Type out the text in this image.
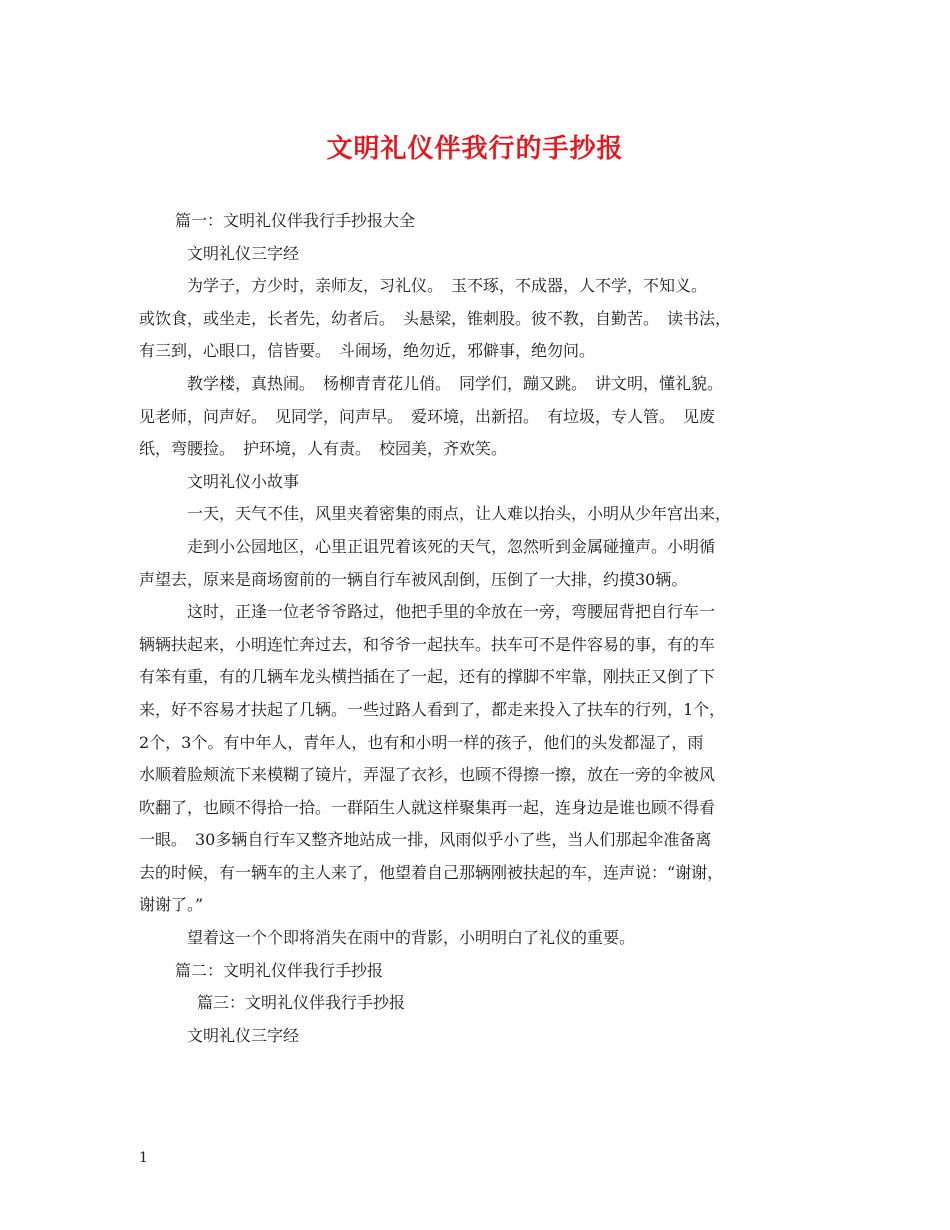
文明礼仪伴我行的手抄报
篇一：文明礼仪伴我行手抄报大全
文明礼仪三字经
为学子，方少时，亲师友，习礼仪。　玉不琢，不成器，人不学，不知义。
或饮食，或坐走，长者先，幼者后。　头悬梁，锥刺股。彼不教，自勤苦。　读书法，
有三到，心眼口，信皆要。　斗闹场，绝勿近，邪僻事，绝勿问。
教学楼，真热闹。　杨柳青青花儿俏。　同学们，蹦又跳。　讲文明，懂礼貌。
见老师，问声好。　见同学，问声早。　爱环境，出新招。　有垃圾，专人管。　见废
纸，弯腰捡。　护环境，人有责。　校园美，齐欢笑。
文明礼仪小故事
一天，天气不佳，风里夹着密集的雨点，让人难以抬头，小明从少年宫出来，
走到小公园地区，心里正诅咒着该死的天气，忽然听到金属碰撞声。小明循
声望去，原来是商场窗前的一辆自行车被风刮倒，压倒了一大排，约摸30辆。
这时，正逢一位老爷爷路过，他把手里的伞放在一旁，弯腰屈背把自行车一
辆辆扶起来，小明连忙奔过去，和爷爷一起扶车。扶车可不是件容易的事，有的车
有笨有重，有的几辆车龙头横挡插在了一起，还有的撑脚不牢靠，刚扶正又倒了下
来，好不容易才扶起了几辆。一些过路人看到了，都走来投入了扶车的行列，1个，
2个，3个。有中年人，青年人，也有和小明一样的孩子，他们的头发都湿了，雨
水顺着脸颊流下来模糊了镜片，弄湿了衣衫，也顾不得擦一擦，放在一旁的伞被风
吹翻了，也顾不得拾一拾。一群陌生人就这样聚集再一起，连身边是谁也顾不得看
一眼。　30多辆自行车又整齐地站成一排，风雨似乎小了些，当人们那起伞准备离
去的时候，有一辆车的主人来了，他望着自己那辆刚被扶起的车，连声说：“谢谢，
谢谢了。”
望着这一个个即将消失在雨中的背影，小明明白了礼仪的重要。
篇二：文明礼仪伴我行手抄报
篇三：文明礼仪伴我行手抄报
文明礼仪三字经
1
